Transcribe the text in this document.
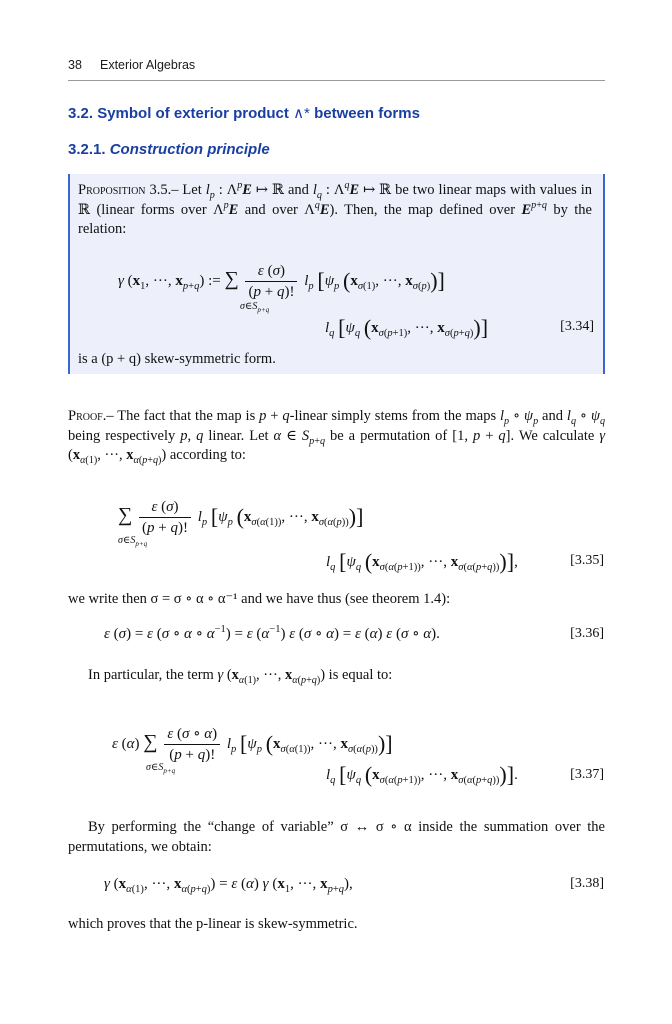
38 Exterior Algebras
3.2. Symbol of exterior product ∧* between forms
3.2.1. Construction principle

Proposition 3.5.– Let $l_p$ : $\Lambda^pE$ ↦ ℝ and $l_q$ : $\Lambda^qE$ ↦ ℝ be two linear maps with values in ℝ (linear forms over $\Lambda^pE$ and over $\Lambda^qE$). Then, the map defined over $E^{p+q}$ by the relation:

γ ($x_1$, ···, $x_{p+q}$) := ∑ $\frac{\varepsilon (\sigma)}{(p + q)!} l_p$ [$\psi_p$ ($x_{\sigma(1)}$, ···, $x_{\sigma(p)}$)]
$\sigma\in S_{p+q}$
$l_q$ [$\psi_q$ ($x_{\sigma(p+1)}$, ···, $x_{\sigma(p+q)}$)]	[3.34]

is a (p + q) skew-symmetric form.

Proof.– The fact that the map is p + q-linear simply stems from the maps $l_p$ ∘ $\psi_p$ and $l_q$ ∘ $\psi_q$ being respectively p, q linear. Let α ∈ $S_{p+q}$ be a permutation of [1, p + q]. We calculate γ ($x_{\alpha(1)}$, ···, $x_{\alpha(p+q)}$) according to:

∑ $\frac{\varepsilon (\sigma)}{(p + q)!} l_p$ [$\psi_p$ ($x_{\sigma(\alpha(1))}$, ···, $x_{\sigma(\alpha(p))}$)]
$\sigma\in S_{p+q}$
$l_q$ [$\psi_q$ ($x_{\sigma(\alpha(p+1))}$, ···, $x_{\sigma(\alpha(p+q))}$)],	[3.35]

we write then σ = σ ∘ α ∘ α⁻¹ and we have thus (see theorem 1.4):

ε (σ) = ε (σ ∘ α ∘ $\alpha^{-1}) = \varepsilon$ $(\alpha^{-1})$ ε (σ ∘ α) = ε (α) ε (σ ∘ α).	[3.36]

In particular, the term γ ($x_{\alpha(1)}$, ···, $x_{\alpha(p+q)}$) is equal to:

ε (α) ∑ $\frac{\varepsilon (\sigma \circ \alpha)}{(p + q)!} l_p$ [$\psi_p$ ($x_{\sigma(\alpha(1))}$, ···, $x_{\sigma(\alpha(p))}$)]
$\sigma\in S_{p+q}$	$l_q$ [$\psi_q$ ($x_{\sigma(\alpha(p+1))}$, ···, $x_{\sigma(\alpha(p+q))}$)].	[3.37]

By performing the “change of variable” σ ↔ σ ∘ α inside the summation over the permutations, we obtain:

γ ($x_{\alpha(1)}$, ···, $x_{\alpha(p+q)}) = \varepsilon$ (α) γ ($x_1$, ···, $x_{p+q}$),	[3.38]

which proves that the p-linear is skew-symmetric.
